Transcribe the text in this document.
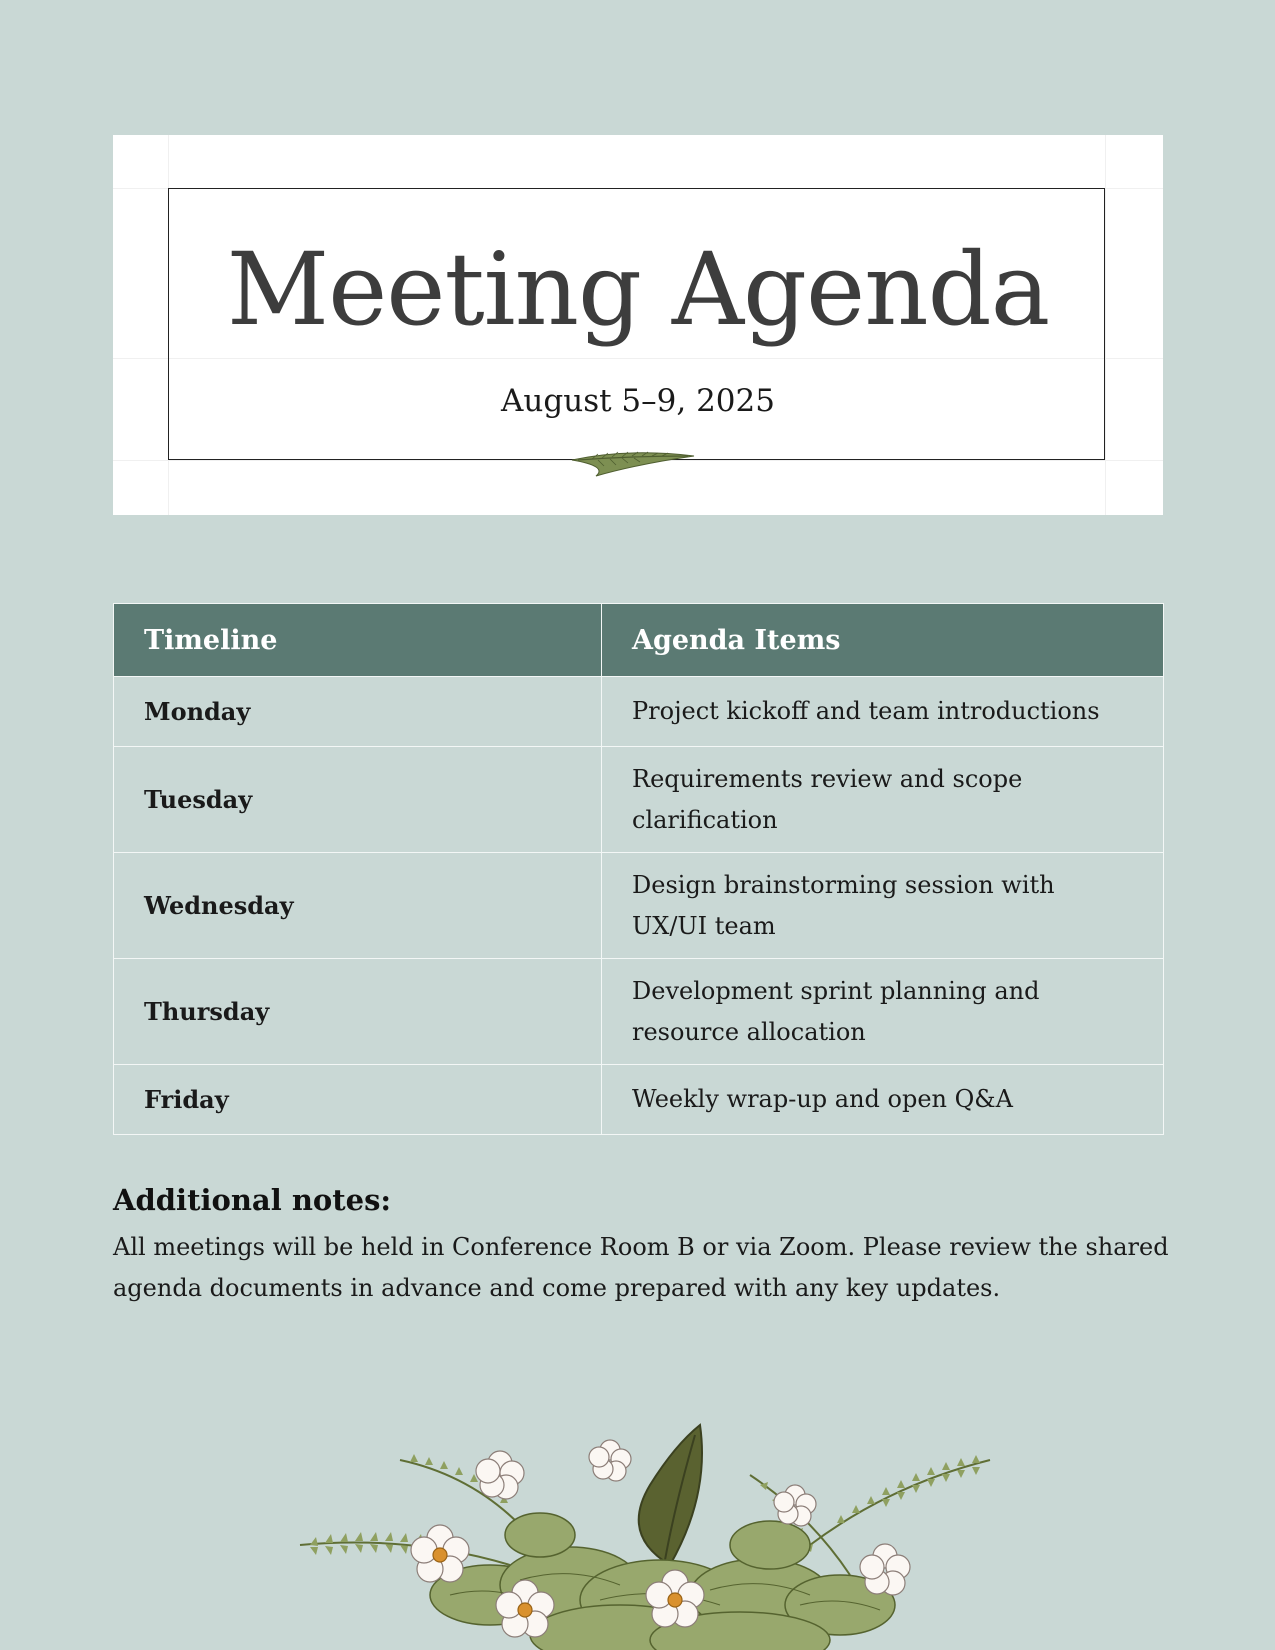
Meeting Agenda
August 5–9, 2025
Timeline	Agenda Items
Monday	Project kickoff and team introductions
Tuesday	Requirements review and scope clarification
Wednesday	Design brainstorming session with UX/UI team
Thursday	Development sprint planning and resource allocation
Friday	Weekly wrap-up and open Q&A
Additional notes:
All meetings will be held in Conference Room B or via Zoom. Please review the shared agenda documents in advance and come prepared with any key updates.
